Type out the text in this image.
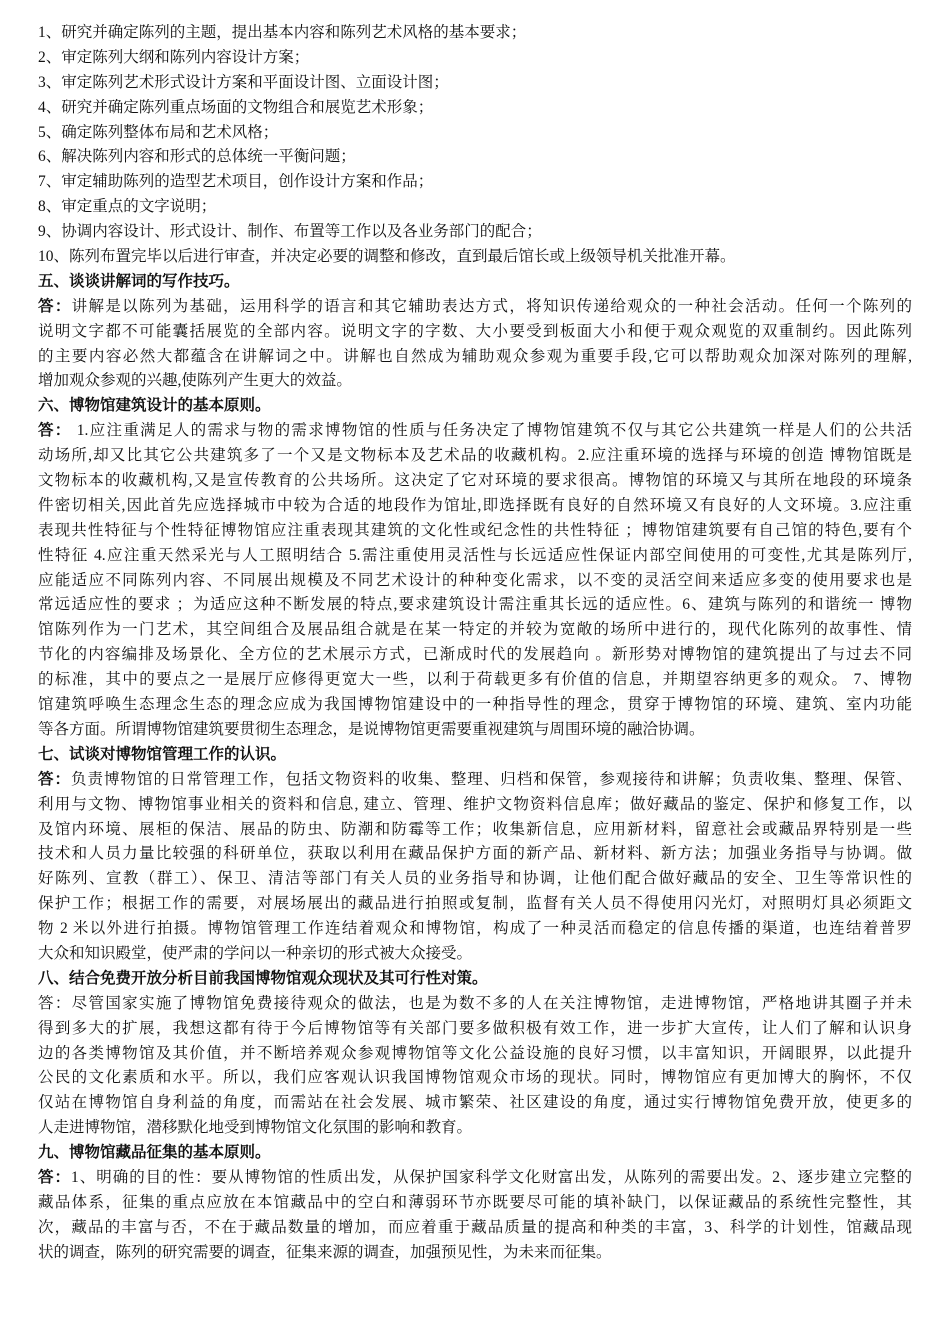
1、研究并确定陈列的主题，提出基本内容和陈列艺术风格的基本要求；
2、审定陈列大纲和陈列内容设计方案；
3、审定陈列艺术形式设计方案和平面设计图、立面设计图；
4、研究并确定陈列重点场面的文物组合和展览艺术形象；
5、确定陈列整体布局和艺术风格；
6、解决陈列内容和形式的总体统一平衡问题；
7、审定辅助陈列的造型艺术项目，创作设计方案和作品；
8、审定重点的文字说明；
9、协调内容设计、形式设计、制作、布置等工作以及各业务部门的配合；
10、陈列布置完毕以后进行审查，并决定必要的调整和修改，直到最后馆长或上级领导机关批准开幕。
五、谈谈讲解词的写作技巧。
答：讲解是以陈列为基础，运用科学的语言和其它辅助表达方式，将知识传递给观众的一种社会活动。任何一个陈列的
说明文字都不可能囊括展览的全部内容。说明文字的字数、大小要受到板面大小和便于观众观览的双重制约。因此陈列
的主要内容必然大都蕴含在讲解词之中。讲解也自然成为辅助观众参观为重要手段,它可以帮助观众加深对陈列的理解,
增加观众参观的兴趣,使陈列产生更大的效益。
六、博物馆建筑设计的基本原则。
答： 1.应注重满足人的需求与物的需求博物馆的性质与任务决定了博物馆建筑不仅与其它公共建筑一样是人们的公共活
动场所,却又比其它公共建筑多了一个又是文物标本及艺术品的收藏机构。2.应注重环境的选择与环境的创造 博物馆既是
文物标本的收藏机构,又是宣传教育的公共场所。这决定了它对环境的要求很高。博物馆的环境又与其所在地段的环境条
件密切相关,因此首先应选择城市中较为合适的地段作为馆址,即选择既有良好的自然环境又有良好的人文环境。3.应注重
表现共性特征与个性特征博物馆应注重表现其建筑的文化性或纪念性的共性特征 ；博物馆建筑要有自己馆的特色,要有个
性特征 4.应注重天然采光与人工照明结合 5.需注重使用灵活性与长远适应性保证内部空间使用的可变性,尤其是陈列厅,
应能适应不同陈列内容、不同展出规模及不同艺术设计的种种变化需求，以不变的灵活空间来适应多变的使用要求也是
常远适应性的要求 ；为适应这种不断发展的特点,要求建筑设计需注重其长远的适应性。6、建筑与陈列的和谐统一 博物
馆陈列作为一门艺术，其空间组合及展品组合就是在某一特定的并较为宽敞的场所中进行的，现代化陈列的故事性、情
节化的内容编排及场景化、全方位的艺术展示方式，已渐成时代的发展趋向 。新形势对博物馆的建筑提出了与过去不同
的标准，其中的要点之一是展厅应修得更宽大一些，以利于荷载更多有价值的信息，并期望容纳更多的观众。 7、博物
馆建筑呼唤生态理念生态的理念应成为我国博物馆建设中的一种指导性的理念，贯穿于博物馆的环境、建筑、室内功能
等各方面。所谓博物馆建筑要贯彻生态理念，是说博物馆更需要重视建筑与周围环境的融洽协调。
七、试谈对博物馆管理工作的认识。
答：负责博物馆的日常管理工作，包括文物资料的收集、整理、归档和保管，参观接待和讲解；负责收集、整理、保管、
利用与文物、博物馆事业相关的资料和信息, 建立、管理、维护文物资料信息库；做好藏品的鉴定、保护和修复工作，以
及馆内环境、展柜的保洁、展品的防虫、防潮和防霉等工作；收集新信息，应用新材料，留意社会或藏品界特别是一些
技术和人员力量比较强的科研单位，获取以利用在藏品保护方面的新产品、新材料、新方法；加强业务指导与协调。做
好陈列、宣教（群工）、保卫、清洁等部门有关人员的业务指导和协调，让他们配合做好藏品的安全、卫生等常识性的
保护工作；根据工作的需要，对展场展出的藏品进行拍照或复制，监督有关人员不得使用闪光灯，对照明灯具必须距文
物 2 米以外进行拍摄。博物馆管理工作连结着观众和博物馆，构成了一种灵活而稳定的信息传播的渠道，也连结着普罗
大众和知识殿堂，使严肃的学问以一种亲切的形式被大众接受。
八、结合免费开放分析目前我国博物馆观众现状及其可行性对策。
答：尽管国家实施了博物馆免费接待观众的做法，也是为数不多的人在关注博物馆，走进博物馆，严格地讲其圈子并未
得到多大的扩展，我想这都有待于今后博物馆等有关部门要多做积极有效工作，进一步扩大宣传，让人们了解和认识身
边的各类博物馆及其价值，并不断培养观众参观博物馆等文化公益设施的良好习惯，以丰富知识，开阔眼界，以此提升
公民的文化素质和水平。所以，我们应客观认识我国博物馆观众市场的现状。同时，博物馆应有更加博大的胸怀，不仅
仅站在博物馆自身利益的角度，而需站在社会发展、城市繁荣、社区建设的角度，通过实行博物馆免费开放，使更多的
人走进博物馆，潜移默化地受到博物馆文化氛围的影响和教育。
九、博物馆藏品征集的基本原则。
答：1、明确的目的性：要从博物馆的性质出发，从保护国家科学文化财富出发，从陈列的需要出发。2、逐步建立完整的
藏品体系，征集的重点应放在本馆藏品中的空白和薄弱环节亦既要尽可能的填补缺门，以保证藏品的系统性完整性，其
次，藏品的丰富与否，不在于藏品数量的增加，而应着重于藏品质量的提高和种类的丰富，3、科学的计划性，馆藏品现
状的调查，陈列的研究需要的调查，征集来源的调查，加强预见性，为未来而征集。
